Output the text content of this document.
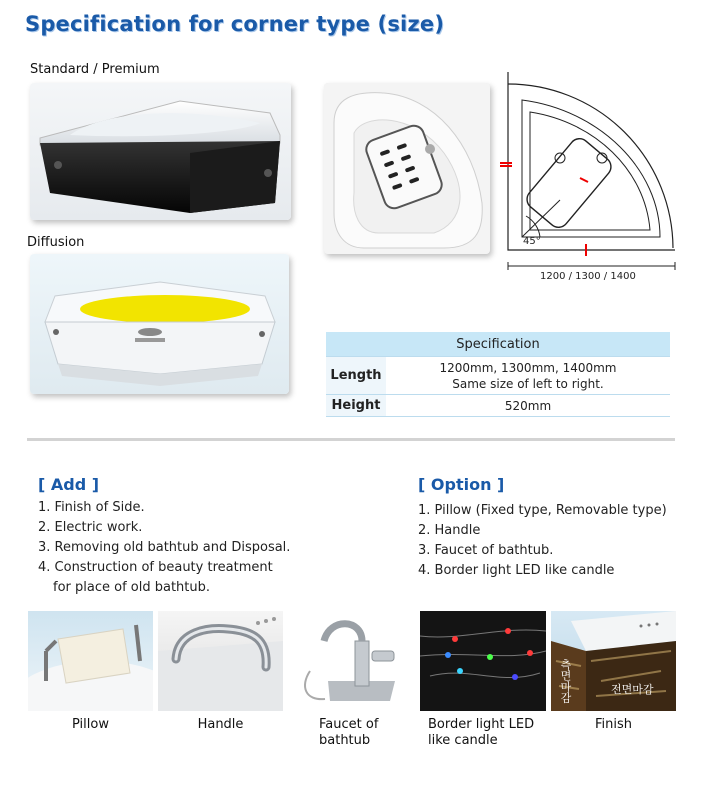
Specification for corner type (size)
Standard / Premium
Diffusion	45°
1200 / 1300 / 1400
Specification	
Length	1200mm, 1300mm, 1400mm
Same size of left to right.

Height	520mm
[ Add ]
1. Finish of Side.
2. Electric work.
3. Removing old bathtub and Disposal.
4. Construction of beauty treatment
for place of old bathtub.
[ Option ]
1. Pillow (Fixed type, Removable type)
2. Handle
3. Faucet of bathtub.
4. Border light LED like candle
측면마감	전면마감
Pillow	Handle	Faucet of
bathtub
Border light LED
like candle
Finish
